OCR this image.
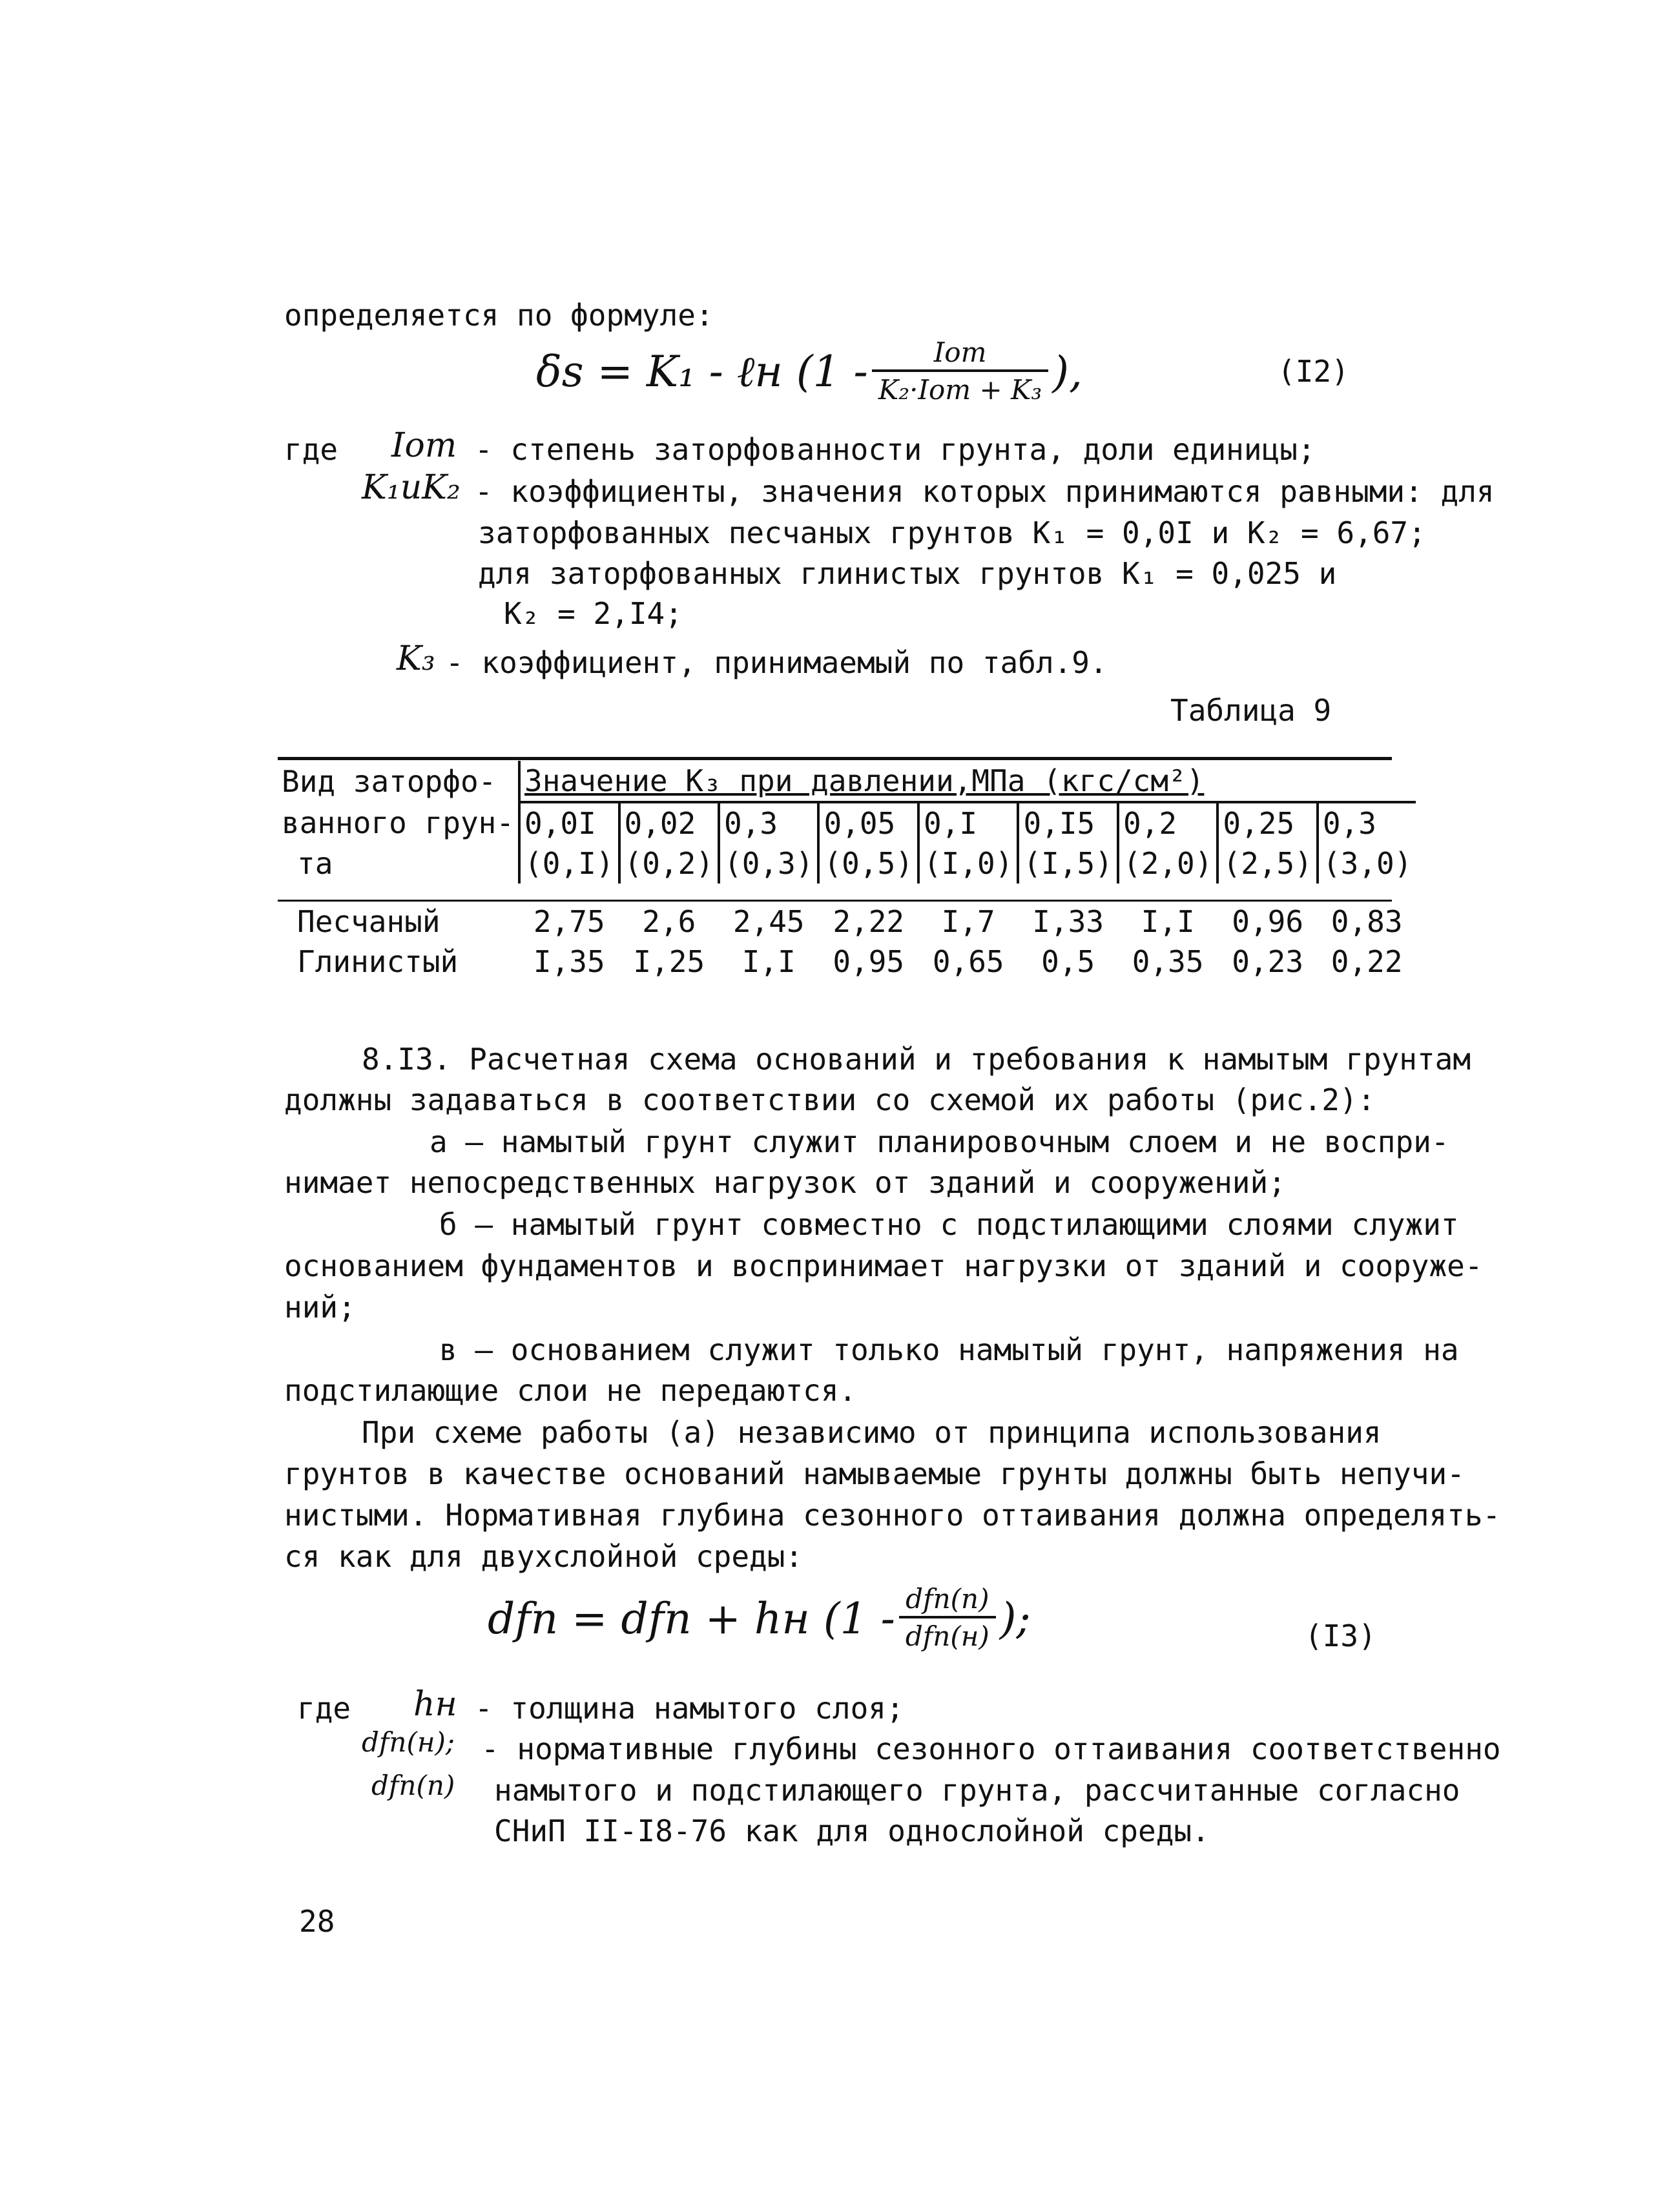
определяется по формуле:
δs = K₁ - ℓн ($1 - \frac{\text{Iот}}{\text{K₂·Iот + K₃}}$ ),	(I2)
где Iот - степень заторфованности грунта, доли единицы;
K₁иK₂ - коэффициенты, значения которых принимаются равными: для
заторфованных песчаных грунтов K₁ = 0,0I и K₂ = 6,67;
для заторфованных глинистых грунтов K₁ = 0,025 и
K₂ = 2,I4;
K₃ - коэффициент, принимаемый по табл.9.
Таблица 9
Вид заторфо-	Значение K₃ при давлении,МПа (кгс/см²)								
ванного грун-	0,0I	0,02	0,3	0,05	0,I	0,I5	0,2	0,25	0,3
та	(0,I)	(0,2)	(0,3)	(0,5)	(I,0)	(I,5)	(2,0)	(2,5)	(3,0)

Песчаный	2,75	2,6	2,45	2,22	I,7	I,33	I,I	0,96	0,83
Глинистый	I,35	I,25	I,I	0,95	0,65	0,5	0,35	0,23	0,22
8.I3. Расчетная схема оснований и требования к намытым грунтам
должны задаваться в соответствии со схемой их работы (рис.2):
а – намытый грунт служит планировочным слоем и не воспри-
нимает непосредственных нагрузок от зданий и сооружений;
б – намытый грунт совместно с подстилающими слоями служит
основанием фундаментов и воспринимает нагрузки от зданий и сооруже-
ний;
в – основанием служит только намытый грунт, напряжения на
подстилающие слои не передаются.
При схеме работы (а) независимо от принципа использования
грунтов в качестве оснований намываемые грунты должны быть непучи-
нистыми. Нормативная глубина сезонного оттаивания должна определять-
ся как для двухслойной среды:
dfn = dfn + hн ($1 - \frac{\text{dfn(п)}}{\text{dfn(н)}}$ );	(I3)
где hн - толщина намытого слоя;
dfn(н); - нормативные глубины сезонного оттаивания соответственно
dfn(п) намытого и подстилающего грунта, рассчитанные согласно
СНиП II-I8-76 как для однослойной среды.
28
